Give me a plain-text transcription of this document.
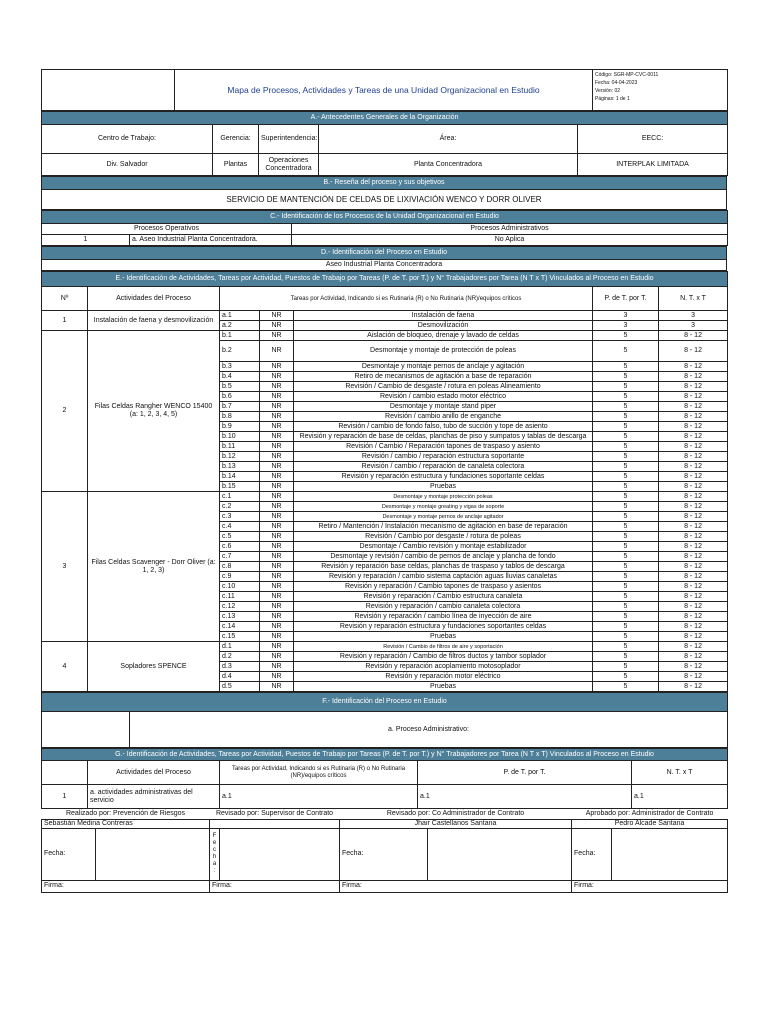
	Mapa de Procesos, Actividades y Tareas de una Unidad Organizacional en Estudio	
Código: SGR-MP-CVC-0011
Fecha: 04-04-2023
Versión: 02
Páginas: 1 de 1
A.- Antecedentes Generales de la Organización				
Centro de Trabajo:	Gerencia:	Superintendencia:	Área:	EECC:
Div. Salvador	Plantas	Operaciones Concentradora	Planta Concentradora	INTERPLAK LIMITADA
B.- Reseña del proceso y sus objetivos
SERVICIO DE MANTENCIÓN DE CELDAS DE LIXIVIACIÓN WENCO Y DORR OLIVER
C.- Identificación de los Procesos de la Unidad Organizacional en Estudio		
Procesos Operativos		Procesos Administrativos
1	a. Aseo Industrial Planta Concentradora.	No Aplica
D.- Identificación del Proceso en Estudio
Aseo Industrial Planta Concentradora
E.- Identificación de Actividades, Tareas por Actividad, Puestos de Trabajo por Tareas (P. de T. por T.) y N° Trabajadores por Tarea (N T x T) Vinculados al Proceso en Estudio						
Nº	Actividades del Proceso	Tareas por Actividad, Indicando si es Rutinaria (R) o No Rutinaria (NR)/equipos críticos			P. de T. por T.	N. T. x T
1	Instalación de faena y desmovilización	a.1	NR	Instalación de faena	3	3
		a.2	NR	Desmovilización	3	3
2	Filas Celdas Rangher WENCO 15400 (a: 1, 2, 3, 4, 5)	b.1	NR	Aislación de bloqueo, drenaje y lavado de celdas	5	8 - 12
		b.2	NR	Desmontaje y montaje de protección de poleas	5	8 - 12
		b.3	NR	Desmontaje y montaje pernos de anclaje y agitación	5	8 - 12
		b.4	NR	Retiro de mecanismos de agitación a base de reparación	5	8 - 12
		b.5	NR	Revisión / Cambio de desgaste / rotura en poleas Alineamiento	5	8 - 12
		b.6	NR	Revisión / cambio estado motor eléctrico	5	8 - 12
		b.7	NR	Desmontaje y montaje stand piper	5	8 - 12
		b.8	NR	Revisión / cambio anillo de enganche	5	8 - 12
		b.9	NR	Revisión / cambio de fondo falso, tubo de succión y tope de asiento	5	8 - 12
		b.10	NR	Revisión y reparación de base de celdas, planchas de piso y sumpatos y tablas de descarga	5	8 - 12
		b.11	NR	Revisión / Cambio / Reparación tapones de traspaso y asiento	5	8 - 12
		b.12	NR	Revisión / cambio / reparación estructura soportante	5	8 - 12
		b.13	NR	Revisión / cambio / reparación de canaleta colectora	5	8 - 12
		b.14	NR	Revisión y reparación estructura y fundaciones soportante celdas	5	8 - 12
		b.15	NR	Pruebas	5	8 - 12
3	Filas Celdas Scavenger - Dorr Oliver (a: 1, 2, 3)	c.1	NR	Desmontaje y montaje protección poleas	5	8 - 12
		c.2	NR	Desmontaje y montaje greating y vigas de soporte	5	8 - 12
		c.3	NR	Desmontaje y montaje pernos de anclaje agitador	5	8 - 12
		c.4	NR	Retiro / Mantención / Instalación mecanismo de agitación en base de reparación	5	8 - 12
		c.5	NR	Revisión / Cambio por desgaste / rotura de poleas	5	8 - 12
		c.6	NR	Desmontaje / Cambio revisión y montaje estabilizador	5	8 - 12
		c.7	NR	Desmontaje y revisión / cambio de pernos de anclaje y plancha de fondo	5	8 - 12
		c.8	NR	Revisión y reparación base celdas, planchas de traspaso y tablos de descarga	5	8 - 12
		c.9	NR	Revisión y reparación / cambio sistema captación aguas lluvias canaletas	5	8 - 12
		c.10	NR	Revisión y reparación / Cambio tapones de traspaso y asientos	5	8 - 12
		c.11	NR	Revisión y reparación / Cambio estructura canaleta	5	8 - 12
		c.12	NR	Revisión y reparación / cambio canaleta colectora	5	8 - 12
		c.13	NR	Revisión y reparación / cambio línea de inyección de aire	5	8 - 12
		c.14	NR	Revisión y reparación estructura y fundaciones soportantes celdas	5	8 - 12
		c.15	NR	Pruebas	5	8 - 12
4	Sopladores SPENCE	d.1	NR	Revisión / Cambio de filtros de aire y soportación	5	8 - 12
		d.2	NR	Revisión y reparación / Cambio de filtros ductos y tambor soplador	5	8 - 12
		d.3	NR	Revisión y reparación acoplamiento motosoplador	5	8 - 12
		d.4	NR	Revisión y reparación motor eléctrico	5	8 - 12
		d.5	NR	Pruebas	5	8 - 12
F.- Identificación del Proceso en Estudio
	a. Proceso Administrativo:
G.- Identificación de Actividades, Tareas por Actividad, Puestos de Trabajo por Tareas (P. de T. por T.) y N° Trabajadores por Tarea (N T x T) Vinculados al Proceso en Estudio				
	Actividades del Proceso	Tareas por Actividad, Indicando si es Rutinaria (R) o No Rutinaria (NR)/equipos críticos	P. de T. por T.	N. T. x T
1	a. actividades administrativas del servicio	a.1	a.1	a.1
Realizado por: Prevención de Riesgos		Revisado por: Supervisor de Contrato		Revisado por: Co Administrador de Contrato		Aprobado por: Administrador de Contrato	
Sebastián Medina Contreras				Jhair Castellanos Santana		Pedro Alcade Santana	
Fecha:		F e c h a :		Fecha:		Fecha:	
Firma:		Firma:		Firma:		Firma:	
